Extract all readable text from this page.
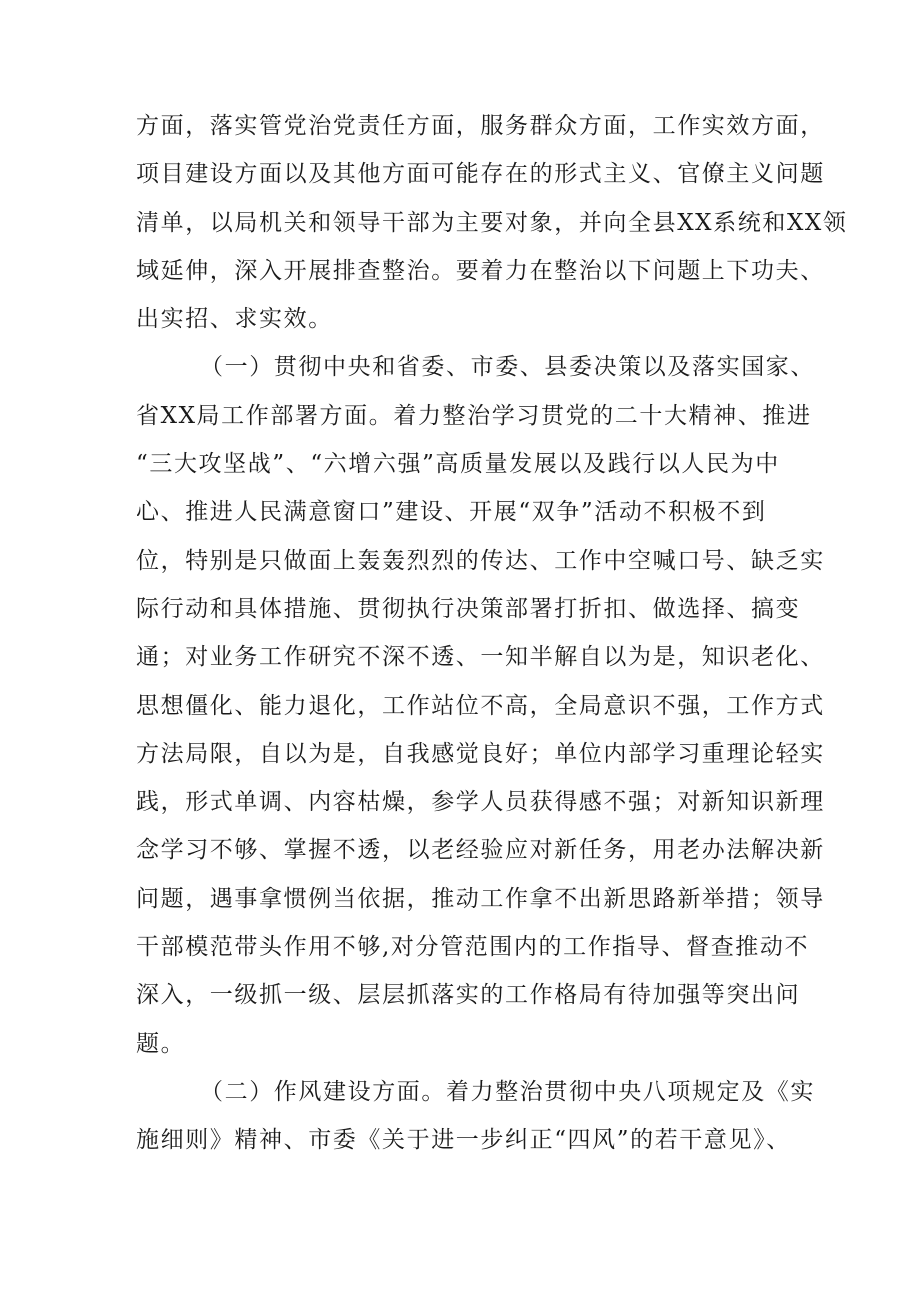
方面，落实管党治党责任方面，服务群众方面，工作实效方面，
项目建设方面以及其他方面可能存在的形式主义、官僚主义问题
清单，以局机关和领导干部为主要对象，并向全县XX系统和XX领
域延伸，深入开展排查整治。要着力在整治以下问题上下功夫、
出实招、求实效。
（一）贯彻中央和省委、市委、县委决策以及落实国家、
省XX局工作部署方面。着力整治学习贯党的二十大精神、推进
“三大攻坚战”、“六增六强”高质量发展以及践行以人民为中
心、推进人民满意窗口”建设、开展“双争”活动不积极不到
位，特别是只做面上轰轰烈烈的传达、工作中空喊口号、缺乏实
际行动和具体措施、贯彻执行决策部署打折扣、做选择、搞变
通；对业务工作研究不深不透、一知半解自以为是，知识老化、
思想僵化、能力退化，工作站位不高，全局意识不强，工作方式
方法局限，自以为是，自我感觉良好；单位内部学习重理论轻实
践，形式单调、内容枯燥，参学人员获得感不强；对新知识新理
念学习不够、掌握不透，以老经验应对新任务，用老办法解决新
问题，遇事拿惯例当依据，推动工作拿不出新思路新举措；领导
干部模范带头作用不够,对分管范围内的工作指导、督查推动不
深入，一级抓一级、层层抓落实的工作格局有待加强等突出问
题。
（二）作风建设方面。着力整治贯彻中央八项规定及《实
施细则》精神、市委《关于进一步纠正“四风”的若干意见》、
